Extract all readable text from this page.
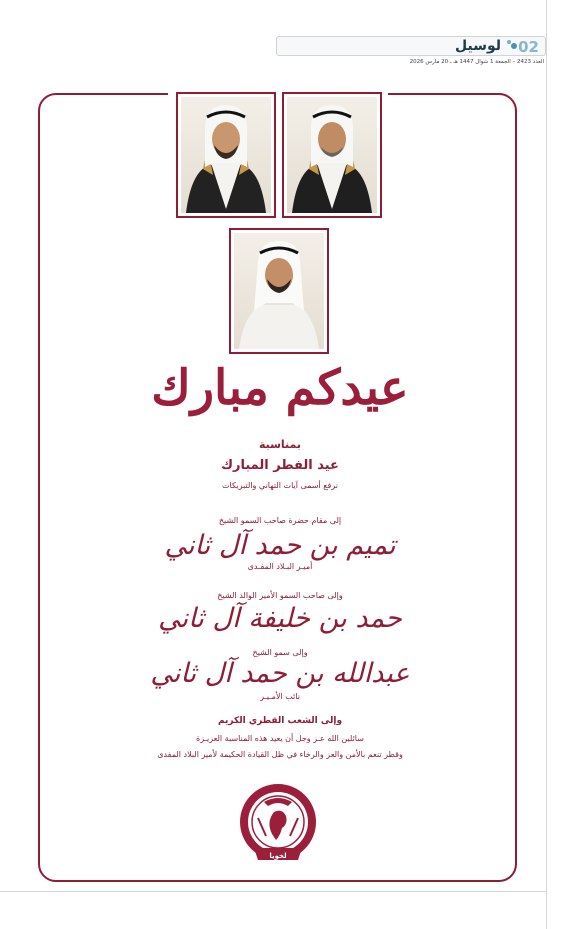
02
لوسيل
العدد 2423 – الجمعة 1 شوال 1447 هـ ـ 20 مارس 2026
عيدكم مبارك
بمناسبة
عيد الفطر المبارك
نرفع أسمى آيات التهاني والتبريكات
إلى مقام حضرة صاحب السمو الشيخ
تميم بن حمد آل ثاني
أميـر البـلاد المفـدى
وإلى صاحب السمو الأمير الوالد الشيخ
حمد بن خليفة آل ثاني
وإلى سمو الشيخ
عبدالله بن حمد آل ثاني
نائب الأمـيـر
وإلى الشعب القطري الكريم
سائلين الله عـز وجل أن يعيد هذه المناسبة العزيـزة
وقطر تنعم بالأمن والعز والرخاء في ظل القيادة الحكيمة لأمير البلاد المفدى
لخويا
